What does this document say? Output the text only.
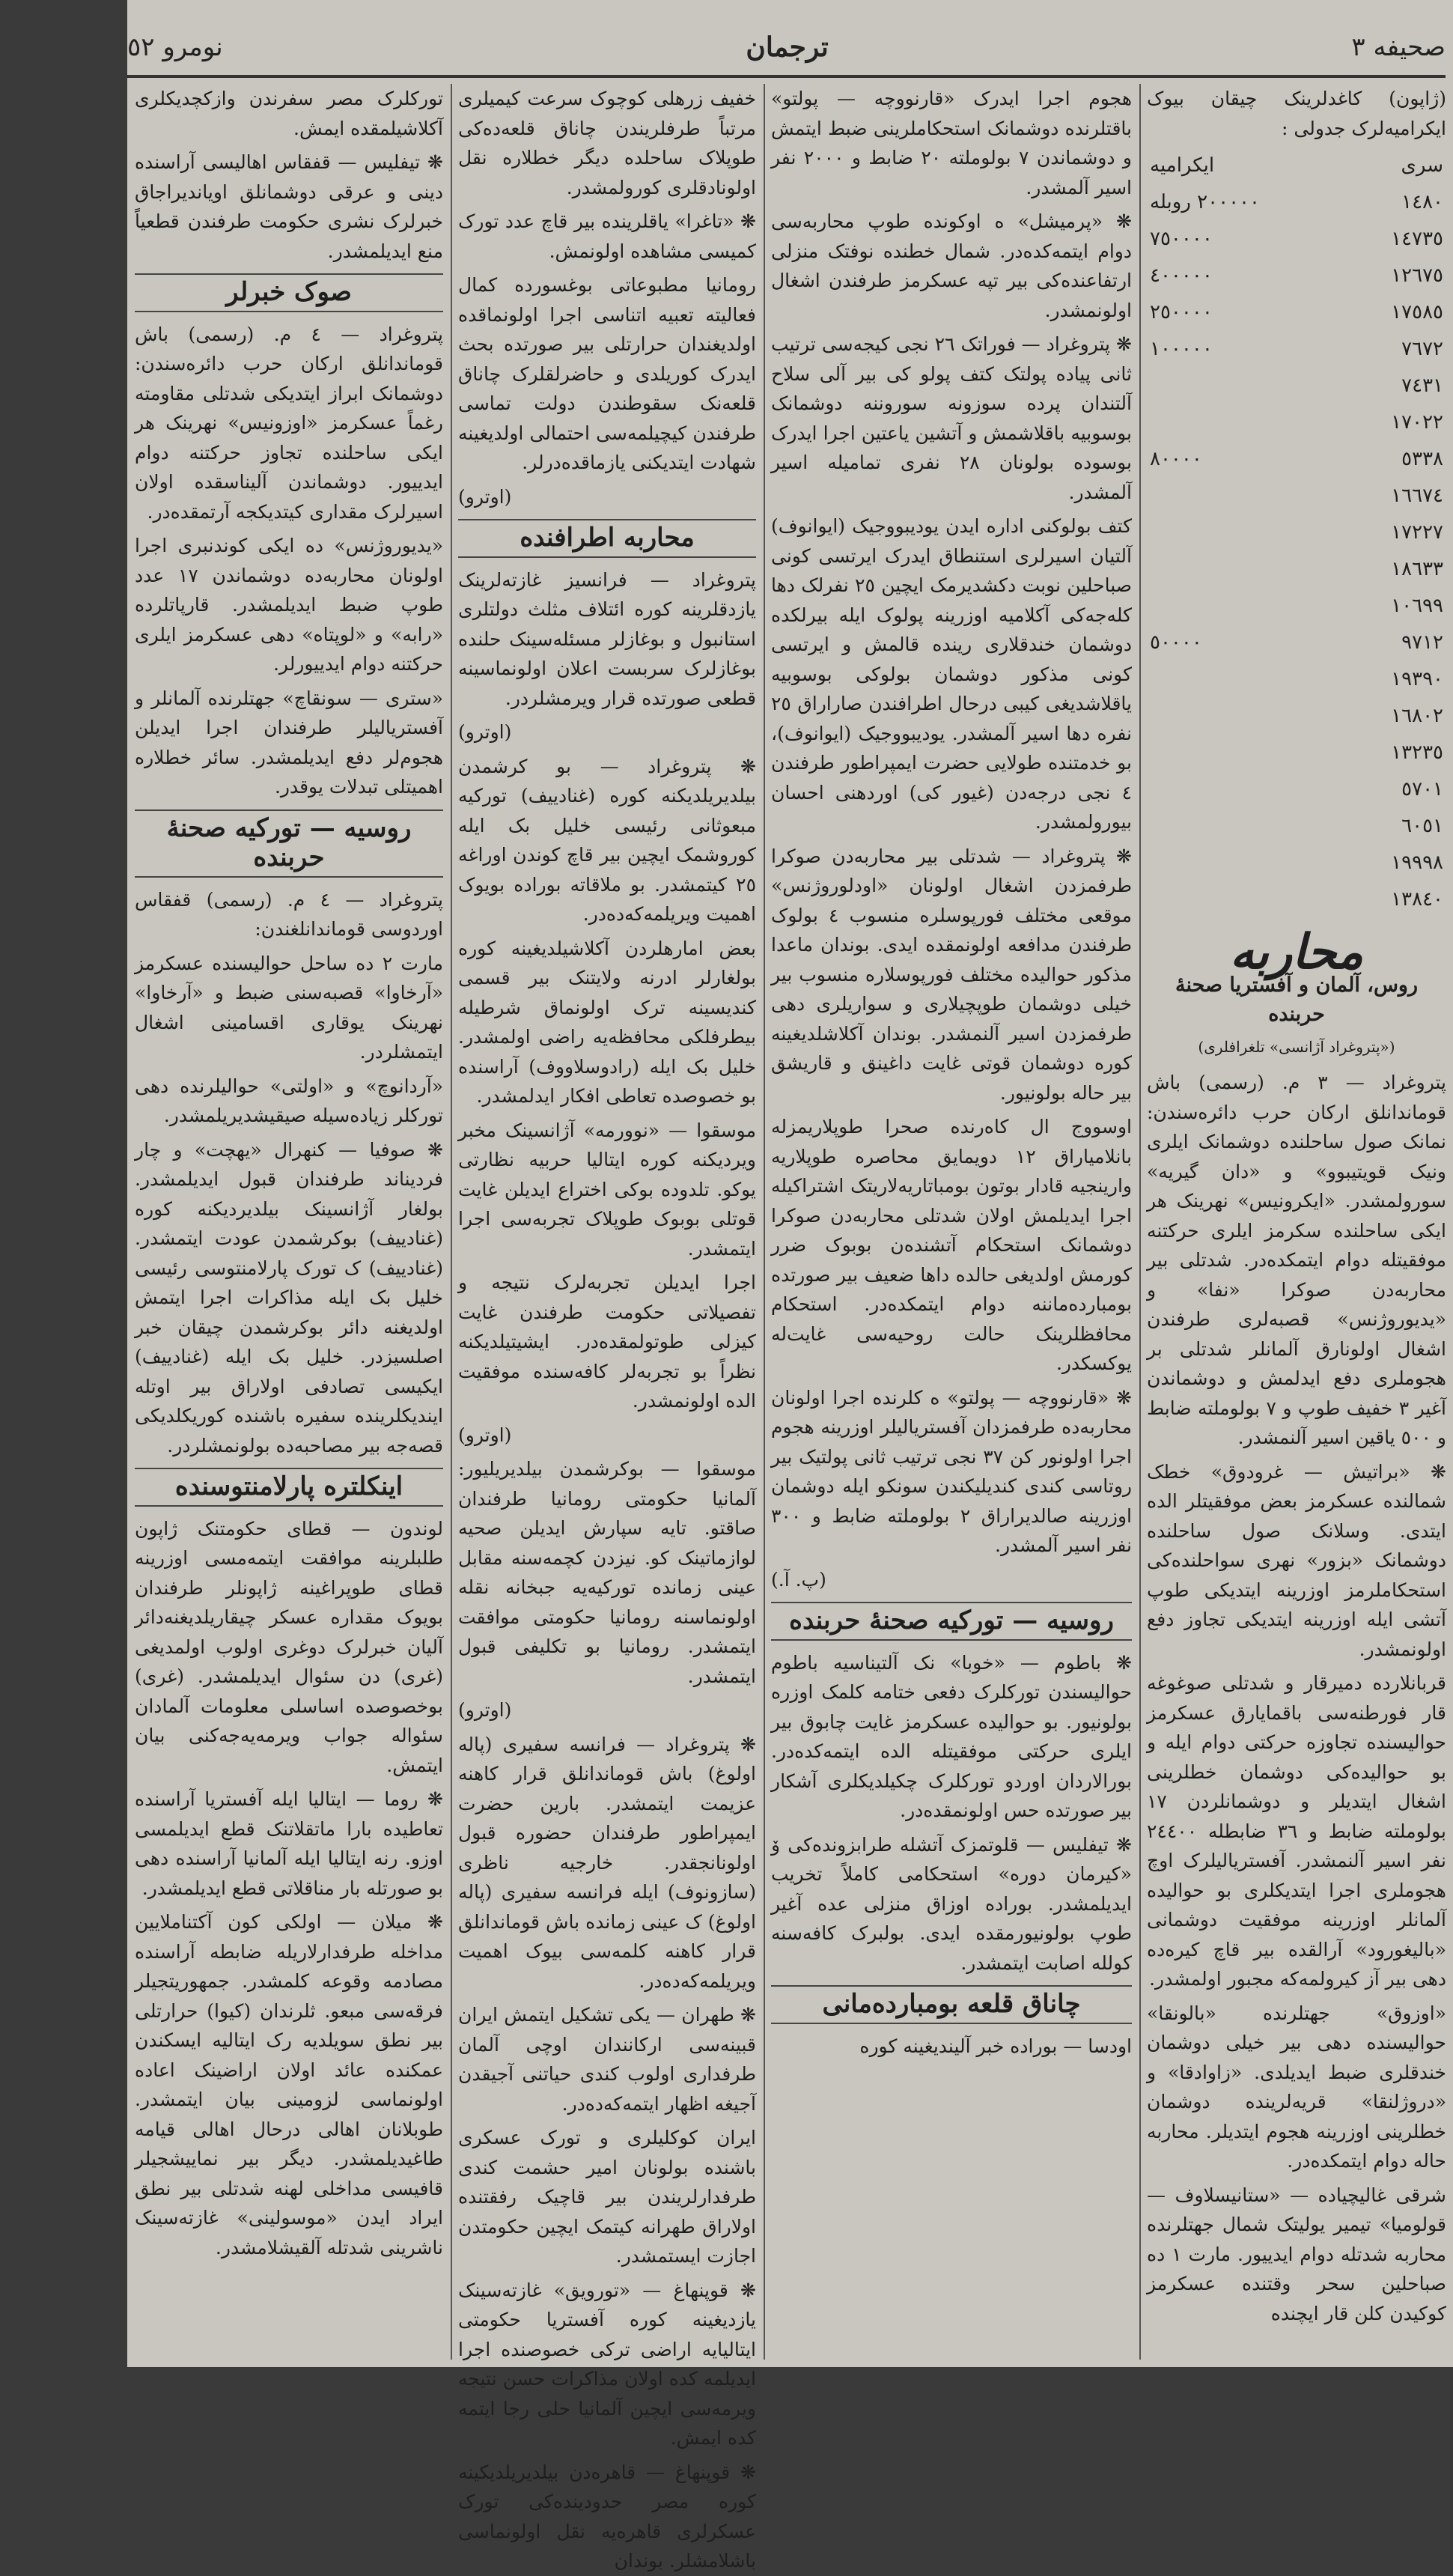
صحیفه ٣
ترجمان
نومرو ٥٢

(ژاپون) کاغدلرینک چیقان بیوک ایکرامیه‌لرک جدولی :

سری	ایکرامیه
١٤٨٠	٢٠٠٠٠٠ روبله
١٤٧٣٥	٧٥٠٠٠٠
١٢٦٧٥	٤٠٠٠٠٠
١٧٥٨٥	٢٥٠٠٠٠
٧٦٧٢	١٠٠٠٠٠
٧٤٣١	
١٧٠٢٢	
٥٣٣٨	٨٠٠٠٠
١٦٦٧٤	
١٧٢٢٧	
١٨٦٣٣	
١٠٦٩٩	
٩٧١٢	٥٠٠٠٠
١٩٣٩٠	
١٦٨٠٢	
١٣٢٣٥	
٥٧٠١	
٦٠٥١	
١٩٩٩٨	
١٣٨٤٠	
محاربه
روس، آلمان و آفستریا صحنهٔ حربنده
(«پتروغراد آژانسی» تلغرافلری)

پتروغراد — ٣ م. (رسمی) باش قوماندانلق ارکان حرب دائره‌سندن: نمانک صول ساحلنده دوشمانک ایلری ونیک قویتیبوو» و «دان گیریه» سورولمشدر. «ایکرونیس» نهرینک هر ایکی ساحلنده سکرمز ایلری حرکتنه موفقیتله دوام ایتمکده‌در. شدتلی بیر محاربه‌دن صوکرا «نفا» و «یدیوروژنس» قصبه‌لری طرفندن اشغال اولونارق آلمانلر شدتلی بر هجوملری دفع ایدلمش و دوشماندن آغیر ٣ خفیف طوپ و ٧ بولوملته ضابط و ٥٠٠ یاقین اسیر آلنمشدر.

❋ «براتیش — غرودوق» خطک شمالنده عسکرمز بعض موفقیتلر الده ایتدی. وسلانک صول ساحلنده دوشمانک «بزور» نهری سواحلنده‌کی استحکاملرمز اوزرینه ایتدیکی طوپ آتشی ایله اوزرینه ایتدیکی تجاوز دفع اولونمشدر.

قربانلارده دمیرقار و شدتلی صوغوغه قار فورطنه‌سی باقمایارق عسکرمز حوالیسنده تجاوزه حرکتی دوام ایله و بو حوالیده‌کی دوشمان خطلرینی اشغال ایتدیلر و دوشمانلردن ١٧ بولوملته ضابط و ٣٦ ضابطله ٢٤٤٠٠ نفر اسیر آلنمشدر. آفستریالیلرک اوچ هجوملری اجرا ایتدیکلری بو حوالیده آلمانلر اوزرینه موفقیت دوشمانی «بالیغورود» آرالقده بیر قاچ کیره‌ده دهی بیر آز کیرولمه‌که مجبور اولمشدر.

«اوزوق» جهتلرنده «بالونقا» حوالیسنده دهی بیر خیلی دوشمان خندقلری ضبط ایدیلدی. «زاوادقا» و «دروژلنقا» قریه‌لرینده دوشمان خطلرینی اوزرینه هجوم ایتدیلر. محاربه حاله دوام ایتمکده‌در.

شرقی غالیچیاده — «ستانیسلاوف — قولومیا» تیمیر یولیتک شمال جهتلرنده محاربه شدتله دوام ایدییور. مارت ١ ده صباحلین سحر وقتنده عسکرمز کوکیدن کلن قار ایچنده

هجوم اجرا ایدرک «قارنووچه — پولتو» باقتلرنده دوشمانک استحکاملرینی ضبط ایتمش و دوشماندن ٧ بولوملته ٢٠ ضابط و ٢٠٠٠ نفر اسیر آلمشدر.

❋ «پرمیشل» ه اوکونده طوپ محاربه‌سی دوام ایتمه‌کده‌در. شمال خطنده نوفتک منزلی ارتفاعنده‌کی بیر تپه عسکرمز طرفندن اشغال اولونمشدر.

❋ پتروغراد — فوراتک ٢٦ نجی کیجه‌سی ترتیب ثانی پیاده پولتک کتف پولو کی بیر آلی سلاح آلتندان پرده سوزونه سوروننه دوشمانک بوسوبیه باقلاشمش و آتشین یاعتین اجرا ایدرک بوسوده بولونان ٢٨ نفری تمامیله اسیر آلمشدر.

کتف بولوکنی اداره ایدن یودیبووجیک (ایوانوف) آلتیان اسیرلری استنطاق ایدرک ایرتسی کونی صباحلین نوبت دکشدیرمک ایچین ٢٥ نفرلک دها کله‌جه‌کی آکلامیه اوزرینه پولوک ایله بیرلکده دوشمان خندقلاری رینده قالمش و ایرتسی کونی مذکور دوشمان بولوکی بوسوبیه یاقلاشدیغی کیبی درحال اطرافندن صاراراق ٢٥ نفره دها اسیر آلمشدر. یودیبووجیک (ایوانوف)، بو خدمتنده طولایی حضرت ایمپراطور طرفندن ٤ نجی درجه‌دن (غیور کی) اوردهنی احسان بیورولمشدر.

❋ پتروغراد — شدتلی بیر محاربه‌دن صوکرا طرفمزدن اشغال اولونان «اودلوروژنس» موقعی مختلف فورپوسلره منسوب ٤ بولوک طرفندن مدافعه اولونمقده ایدی. بوندان ماعدا مذکور حوالیده مختلف فورپوسلاره منسوب بیر خیلی دوشمان طوپچیلاری و سواریلری دهی طرفمزدن اسیر آلنمشدر. بوندان آکلاشلدیغینه کوره دوشمان قوتی غایت داغینق و قاریشق بیر حاله بولونیور.

اوسووج ال کاه‌رنده صحرا طوپلاریمزله بانلامیاراق ١٢ دویمایق محاصره طوپلاریه وارینجیه قادار بوتون بومباتاریه‌لاریتک اشتراکیله اجرا ایدیلمش اولان شدتلی محاربه‌دن صوکرا دوشمانک استحکام آتشنده‌ن بوبوک ضرر کورمش اولدیغی حالده داها ضعیف بیر صورتده بومبارده‌ماننه دوام ایتمکده‌در. استحکام محافظلرینک حالت روحیه‌سی غایت‌له یوکسکدر.

❋ «قارنووچه — پولتو» ه کلرنده اجرا اولونان محاربه‌ده طرفمزدان آفستریالیلر اوزرینه هجوم اجرا اولونور کن ٣٧ نجی ترتیب ثانی پولتیک بیر روتاسی کندی کندیلیکندن سونکو ایله دوشمان اوزرینه صالدیراراق ٢ بولوملته ضابط و ٣٠٠ نفر اسیر آلمشدر.

(پ. آ.)

روسیه — تورکیه صحنهٔ حربنده

❋ باطوم — «خوبا» نک آلتیناسیه باطوم حوالیسندن تورکلرک دفعی ختامه کلمک اوزره بولونیور. بو حوالیده عسکرمز غایت چابوق بیر ایلری حرکتی موفقیتله الده ایتمه‌کده‌در. بورالاردان اوردو تورکلرک چکیلدیکلری آشکار بیر صورتده حس اولونمقده‌در.

❋ تیفلیس — قلوتمزک آتشله طرابزونده‌کی ۆ «کیرمان دوره» استحکامی کاملاً تخریب ایدیلمشدر. بوراده اوزاق منزلی عده آغیر طوپ بولونیورمقده ایدی. بولبرک کافه‌سنه کولله اصابت ایتمشدر.

چاناق قلعه بومبارده‌مانی

اودسا — بوراده خبر آلیندیغینه کوره

خفیف زرهلی کوچوک سرعت کیمیلری مرتباً طرفلریندن چاناق قلعه‌ده‌کی طوپلاک ساحلده دیگر خطلاره نقل اولونادقلری کورولمشدر.

❋ «تاغرا» یاقلرینده بیر قاچ عدد تورک کمیسی مشاهده اولونمش.

رومانیا مطبوعاتی بوغسورده کمال فعالیته تعبیه اتناسی اجرا اولونماقده اولدیغندان حرارتلی بیر صورتده بحث ایدرک کوریلدی و حاضرلقلرک چاناق قلعه‌نک سقوطندن دولت ‌تماسی طرفندن کیچیلمه‌سی احتمالی اولدیغینه شهادت ایتدیکنی یازماقده‌درلر.

(اوترو)

محاربه اطرافنده

پتروغراد — فرانسیز غازته‌لرینک یازدقلرینه کوره ائتلاف مثلث دولتلری استانبول و بوغازلر مسئله‌سینک حلنده بوغازلرک سربست اعلان اولونماسینه قطعی صورتده قرار ویرمشلردر.

(اوترو)

❋ پتروغراد — بو کرشمدن بیلدیریلدیکنه کوره (غنادییف) تورکیه مبعوثانی رئیسی خلیل بک ایله کوروشمک ایچین بیر قاچ کوندن اوراغه ٢٥ کیتمشدر. بو ملاقاته بوراده بویوک اهمیت ویریلمه‌که‌ده‌در.

بعض امارهلردن آکلاشیلدیغینه کوره بولغارلر ادرنه ولایتنک بیر قسمی کندیسینه ترک اولونماق شرطیله بیطرفلکی محافظه‌یه راضی اولمشدر. خلیل بک ایله (رادوسلاووف) آراسنده بو خصوصده تعاطی افکار ایدلمشدر.

موسقوا — «نوورمه» آژانسینک مخبر ویردیکنه کوره ایتالیا حربیه نظارتی یوکو. تلدوده بوکی اختراع ایدیلن غایت قوتلی بوبوک طوپلاک تجربه‌سی اجرا ایتمشدر.

اجرا ایدیلن تجربه‌لرک نتیجه و تفصیلاتی حکومت طرفندن غایت کیزلی طوتولمقده‌در. ایشیتیلدیکنه نظراً بو تجربه‌لر کافه‌سنده موفقیت الده اولونمشدر.

(اوترو)

موسقوا — بوکرشمدن بیلدیریلیور: آلمانیا حکومتی رومانیا طرفندان صاقتو. تایه سپارش ایدیلن صحیه لوازماتینک کو. نیزدن کچمه‌سنه مقابل عینی زمانده تورکیه‌یه جبخانه نقله اولونماسنه رومانیا حکومتی موافقت ایتمشدر. رومانیا بو تکلیفی قبول ایتمشدر.

(اوترو)

❋ پتروغراد — فرانسه سفیری (پاله اولوغ) باش قوماندانلق قرار کاهنه عزیمت ایتمشدر. بارین حضرت ایمپراطور طرفندان حضوره قبول اولونانجقدر. خارجیه ناظری (سازونوف) ایله فرانسه سفیری (پاله اولوغ) ک عینی زمانده باش قوماندانلق قرار کاهنه کلمه‌سی بیوک اهمیت ویریلمه‌که‌ده‌در.

❋ طهران — یکی تشکیل ایتمش ایران قبینه‌سی ارکانندان اوچی آلمان طرفداری اولوب کندی حیاتنی آجیقدن آجیغه اظهار ایتمه‌که‌ده‌در.

ایران کوکلیلری و تورک عسکری باشنده بولونان امیر حشمت کندی طرفدارلریندن بیر قاچیک رفقتنده اولاراق طهرانه کیتمک ایچین حکومتدن اجازت ایستمشدر.

❋ قوپنهاغ — «تورویق» غازته‌سینک یازدیغینه کوره آفستریا حکومتی ایتالیایه اراضی ترکی خصوصنده اجرا ایدیلمه کده اولان مذاکرات حسن نتیجه ویرمه‌سی ایچین آلمانیا حلی رجا ایتمه کده ایمش.

❋ قوپنهاغ — قاهره‌دن بیلدیریلدیکینه کوره مصر حدودینده‌کی تورک عسکرلری قاهره‌یه نقل اولونماسی باشلامشلر. بوندان

تورکلرک مصر سفرندن وازکچدیکلری آکلاشیلمقده ایمش.

❋ تیفلیس — قفقاس اهالیسی آراسنده دینی و عرقی دوشمانلق اویاندیراجاق خبرلرک نشری حکومت طرفندن قطعیاً منع ایدیلمشدر.

صوک خبرلر

پتروغراد — ٤ م. (رسمی) باش قوماندانلق ارکان حرب دائره‌سندن: دوشمانک ابراز ایتدیکی شدتلی مقاومته رغماً عسکرمز «اوزونیس» نهرینک هر ایکی ساحلنده تجاوز حرکتنه دوام ایدییور. دوشماندن آلیناسقده اولان اسیرلرک مقداری کیتدیکجه آرتمقده‌در.

«یدیوروژنس» ده ایکی کوندنبری اجرا اولونان محاربه‌ده دوشماندن ١٧ عدد طوپ ضبط ایدیلمشدر. قارپاتلرده «رابه» و «لوپتاه» دهی عسکرمز ایلری حرکتنه دوام ایدییورلر.

«ستری — سونقاچ» جهتلرنده آلمانلر و آفستریالیلر طرفندان اجرا ایدیلن هجوم‌لر دفع ایدیلمشدر. سائر خطلاره اهمیتلی تبدلات یوقدر.

روسیه — تورکیه صحنهٔ حربنده

پتروغراد — ٤ م. (رسمی) قفقاس اوردوسی قوماندانلغندن:

مارت ٢ ده ساحل حوالیسنده عسکرمز «آرخاوا» قصبه‌سنی ضبط و «آرخاوا» نهرینک یوقاری اقسامینی اشغال ایتمشلردر.

«آردانوچ» و «اولتی» حوالیلرنده دهی تورکلر زیاده‌سیله صیقیشدیریلمشدر.

❋ صوفیا — کنهرال «یهچت» و چار فردیناند طرفندان قبول ایدیلمشدر. بولغار آژانسینک بیلدیردیکنه کوره (غنادییف) بوکرشمدن عودت ایتمشدر. (غنادییف) ک تورک پارلامنتوسی رئیسی خلیل بک ایله مذاکرات اجرا ایتمش اولدیغنه دائر بوکرشمدن چیقان خبر اصلسیزدر. خلیل بک ایله (غنادییف) ایکیسی تصادفی اولاراق بیر اوتله ایندیکلرینده سفیره باشنده کوریکلدیکی قصه‌جه بیر مصاحبه‌ده بولونمشلردر.

اینکلتره پارلامنتوسنده

لوندون — قطای حکومتنک ژاپون طلبلرینه موافقت ایتمه‌مسی اوزرینه قطای طوپراغینه ژاپونلر طرفندان بویوک مقداره عسکر چیقاریلدیغنه‌دائر آلیان خبرلرک دوغری اولوب اولمدیغی (غری) دن سئوال ایدیلمشدر. (غری) بوخصوصده اساسلی معلومات آلمادان سئواله جواب ویرمه‌یه‌جه‌کنی بیان ایتمش.

❋ روما — ایتالیا ایله آفستریا آراسنده تعاطیده بارا ماتقلاتنک قطع ایدیلمسی اوزو. رنه ایتالیا ایله آلمانیا آراسنده دهی بو صورتله بار مناقلاتی قطع ایدیلمشدر.

❋ میلان — اولکی کون آکتناملایین مداخله طرفدارلاریله ضابطه آراسنده مصادمه وقوعه کلمشدر. جمهوریتجیلر فرقه‌سی مبعو. ثلرندان (کیوا) حرارتلی بیر نطق سویلدیه رک ایتالیه ایسکندن عمکنده عائد اولان اراضینک اعاده اولونماسی لزومینی بیان ایتمشدر. طوبلانان اهالی درحال اهالی قیامه طاغیدیلمشدر. دیگر بیر نماییشجیلر قافیسی مداخلی لهنه شدتلی بیر نطق ایراد ایدن «موسولینی» غازته‌سینک ناشرینی شدتله آلقیشلامشدر.
